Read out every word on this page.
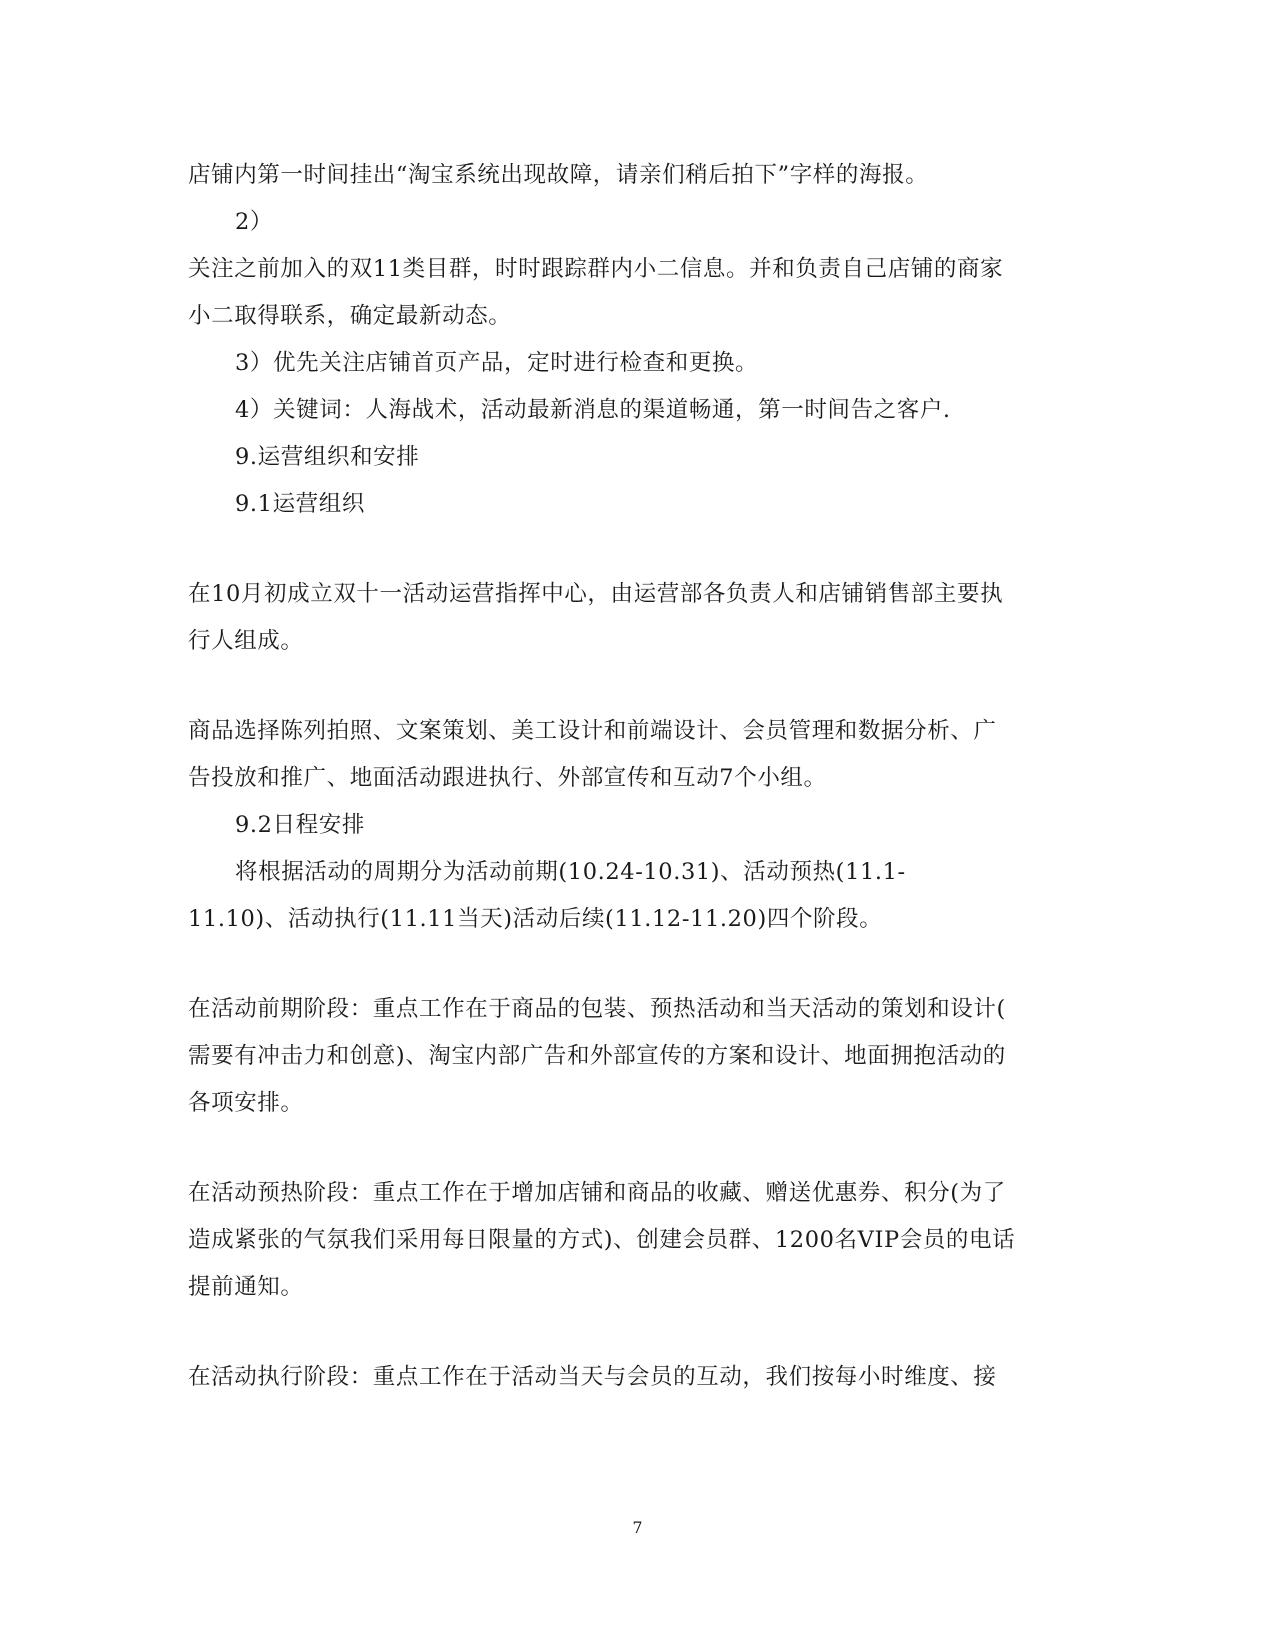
店铺内第一时间挂出“淘宝系统出现故障，请亲们稍后拍下”字样的海报。
2）
关注之前加入的双11类目群，时时跟踪群内小二信息。并和负责自己店铺的商家
小二取得联系，确定最新动态。
3）优先关注店铺首页产品，定时进行检查和更换。
4）关键词：人海战术，活动最新消息的渠道畅通，第一时间告之客户.
9.运营组织和安排
9.1运营组织
在10月初成立双十一活动运营指挥中心，由运营部各负责人和店铺销售部主要执
行人组成。
商品选择陈列拍照、文案策划、美工设计和前端设计、会员管理和数据分析、广
告投放和推广、地面活动跟进执行、外部宣传和互动7个小组。
9.2日程安排
将根据活动的周期分为活动前期(10.24-10.31)、活动预热(11.1-
11.10)、活动执行(11.11当天)活动后续(11.12-11.20)四个阶段。
在活动前期阶段：重点工作在于商品的包装、预热活动和当天活动的策划和设计(
需要有冲击力和创意)、淘宝内部广告和外部宣传的方案和设计、地面拥抱活动的
各项安排。
在活动预热阶段：重点工作在于增加店铺和商品的收藏、赠送优惠券、积分(为了
造成紧张的气氛我们采用每日限量的方式)、创建会员群、1200名VIP会员的电话
提前通知。
在活动执行阶段：重点工作在于活动当天与会员的互动，我们按每小时维度、接
7
